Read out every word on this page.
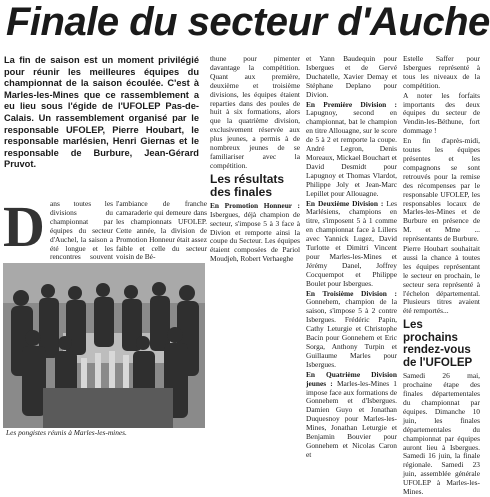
Finale du secteur d'Auche
La fin de saison est un moment privilégié pour réunir les meilleures équipes du championnat de la saison écoulée. C'est à Marles-les-Mines que ce rassemblement a eu lieu sous l'égide de l'UFOLEP Pas-de-Calais. Un rassemblement organisé par le responsable UFOLEP, Pierre Houbart, le responsable marlésien, Henri Giernas et le responsable de Burbure, Jean-Gérard Pruvot.
D ans toutes les divisions du championnat par équipes du secteur d'Auchel, la saison a été longue et les rencontres souvent

l'ambiance de franche camaraderie qui demeure dans les championnats UFOLEP. Cette année, la division de Promotion Honneur était assez faible et celle du secteur voisin de Bé-

thune pour pimenter davantage la compétition. Quant aux première, deuxième et troisième divisions, les équipes étaient reparties dans des poules de huit à six formations, alors que la quatrième division, exclusivement réservée aux plus jeunes, a permis à de nombreux jeunes de se familiariser avec la compétition.

Les résultats des finales

En Promotion Honneur : Isbergues, déjà champion de secteur, s'impose 5 à 3 face à Divion et remporte ainsi la coupe du Secteur. Les équipes étaient composées de Pariol Moudjeh, Robert Verhaeghe

et Yann Baudequin pour Isbergues et de Gervé Duchatelle, Xavier Demay et Stéphane Deplano pour Divion.

En Première Division : Lapugnoy, second en championnat, bat le champion en titre Allouagne, sur le score de 5 à 2 et remporte la coupe. André Legron, Denis Moreaux, Mickael Bouchart et David Desmidt pour Lapugnoy et Thomas Vlardot, Philippe Joly et Jean-Marc Lepillet pour Allouagne.

En Deuxième Division : Les Marlésiens, champions en titre, s'imposent 5 à 1 comme en championnat face à Lillers avec Yannick Lugez, David Turlotte et Dimitri Vincent pour Marles-les-Mines et Jérémy Danel, Joffrey Cocquempot et Philippe Boulet pour Isbergues.

En Troisième Division : Gonnehem, champion de la saison, s'impose 5 à 2 contre Isbergues. Frédéric Papin, Cathy Leturgie et Christophe Bacin pour Gonnehem et Eric Sorga, Anthony Turpin et Guillaume Marles pour Isbergues.

En Quatrième Division jeunes : Marles-les-Mines 1 impose face aux formations de Gonnehem et d'Isbergues. Damien Guyo et Jonathan Duquesnoy pour Marles-les-Mines, Jonathan Leturgie et Benjamin Bouvier pour Gonnehem et Nicolas Caron et

Estelle Saffer pour Isbergues représenté à tous les niveaux de la compétition.

A noter les forfaits importants des deux équipes du secteur de Vendin-les-Béthune, fort dommage !

En fin d'après-midi, toutes les équipes présentes et les compagnons se sont retrouvés pour la remise des récompenses par le responsable UFOLEP, les responsables locaux de Marles-les-Mines et de Burbure en présence de M. et Mme ... représentants de Burbure.

Pierre Houbart souhaitait aussi la chance à toutes les équipes représentant le secteur en prochain, le secteur sera représenté à l'échelon départemental. Plusieurs titres avaient été remportés...

Les prochains rendez-vous de l'UFOLEP

Samedi 26 mai, prochaine étape des finales départementales du championnat par équipes. Dimanche 10 juin, les finales départementales du championnat par équipes auront lieu à Isbergues. Samedi 16 juin, la finale régionale. Samedi 23 juin, assemblée générale UFOLEP à Marles-les-Mines.

Les pongistes réunis à Marles-les-mines.
